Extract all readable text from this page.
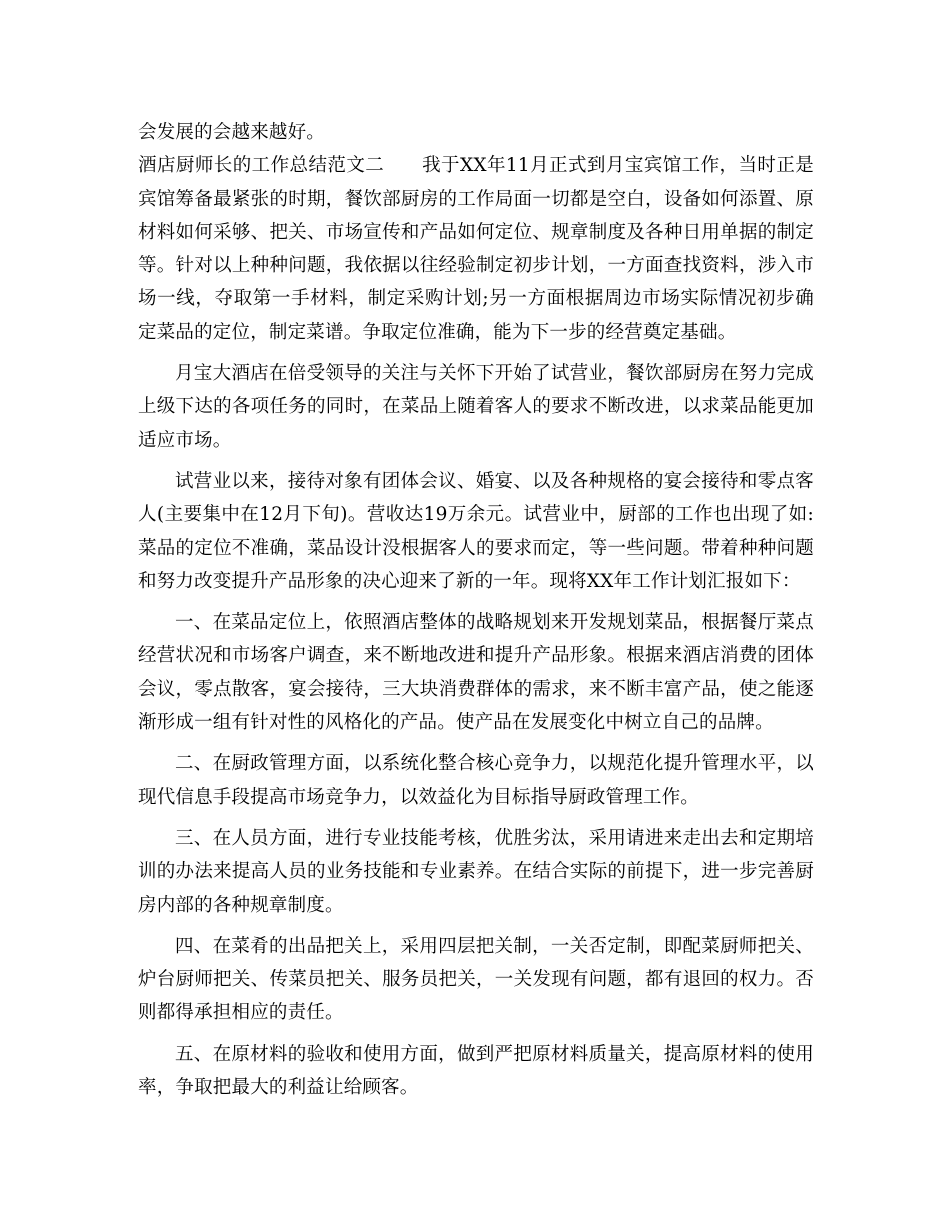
会发展的会越来越好。

酒店厨师长的工作总结范文二　　我于XX年11月正式到月宝宾馆工作，当时正是宾馆筹备最紧张的时期，餐饮部厨房的工作局面一切都是空白，设备如何添置、原材料如何采够、把关、市场宣传和产品如何定位、规章制度及各种日用单据的制定等。针对以上种种问题，我依据以往经验制定初步计划，一方面查找资料，涉入市场一线，夺取第一手材料，制定采购计划;另一方面根据周边市场实际情况初步确定菜品的定位，制定菜谱。争取定位准确，能为下一步的经营奠定基础。

月宝大酒店在倍受领导的关注与关怀下开始了试营业，餐饮部厨房在努力完成上级下达的各项任务的同时，在菜品上随着客人的要求不断改进，以求菜品能更加适应市场。

试营业以来，接待对象有团体会议、婚宴、以及各种规格的宴会接待和零点客人(主要集中在12月下旬)。营收达19万余元。试营业中，厨部的工作也出现了如:菜品的定位不准确，菜品设计没根据客人的要求而定，等一些问题。带着种种问题和努力改变提升产品形象的决心迎来了新的一年。现将XX年工作计划汇报如下：

一、在菜品定位上，依照酒店整体的战略规划来开发规划菜品，根据餐厅菜点经营状况和市场客户调查，来不断地改进和提升产品形象。根据来酒店消费的团体会议，零点散客，宴会接待，三大块消费群体的需求，来不断丰富产品，使之能逐渐形成一组有针对性的风格化的产品。使产品在发展变化中树立自己的品牌。

二、在厨政管理方面，以系统化整合核心竞争力，以规范化提升管理水平，以现代信息手段提高市场竞争力，以效益化为目标指导厨政管理工作。

三、在人员方面，进行专业技能考核，优胜劣汰，采用请进来走出去和定期培训的办法来提高人员的业务技能和专业素养。在结合实际的前提下，进一步完善厨房内部的各种规章制度。

四、在菜肴的出品把关上，采用四层把关制，一关否定制，即配菜厨师把关、炉台厨师把关、传菜员把关、服务员把关，一关发现有问题，都有退回的权力。否则都得承担相应的责任。

五、在原材料的验收和使用方面，做到严把原材料质量关，提高原材料的使用率，争取把最大的利益让给顾客。
